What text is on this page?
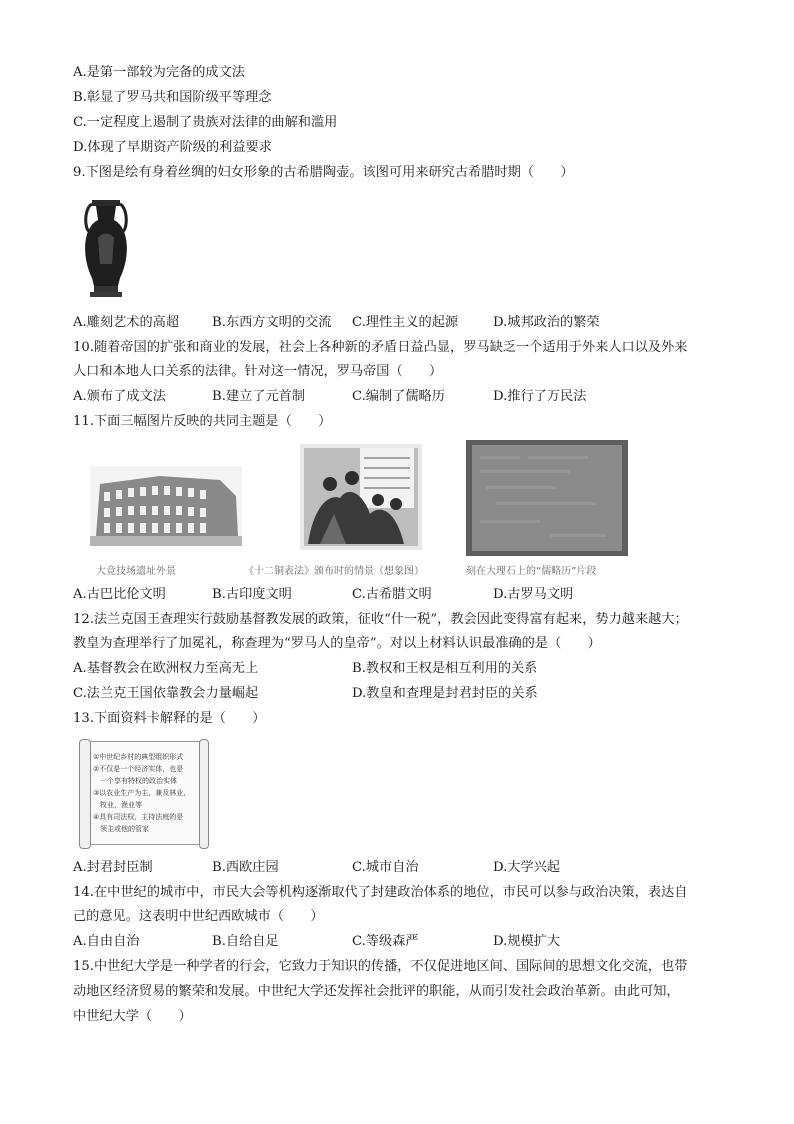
A.是第一部较为完备的成文法
B.彰显了罗马共和国阶级平等理念
C.一定程度上遏制了贵族对法律的曲解和滥用
D.体现了早期资产阶级的利益要求
9.下图是绘有身着丝绸的妇女形象的古希腊陶壶。该图可用来研究古希腊时期（　　）
A.雕刻艺术的高超 B.东西方文明的交流 C.理性主义的起源	D.城邦政治的繁荣
10.随着帝国的扩张和商业的发展，社会上各种新的矛盾日益凸显，罗马缺乏一个适用于外来人口以及外来
人口和本地人口关系的法律。针对这一情况，罗马帝国（　　）
A.颁布了成文法	B.建立了元首制	C.编制了儒略历	D.推行了万民法
11.下面三幅图片反映的共同主题是（　　）
大竞技场遗址外景	《十二铜表法》颁布时的情景（想象图）	刻在大理石上的“儒略历”片段
A.古巴比伦文明	B.古印度文明	C.古希腊文明	D.古罗马文明
12.法兰克国王查理实行鼓励基督教发展的政策，征收“什一税”，教会因此变得富有起来，势力越来越大；
教皇为查理举行了加冕礼，称查理为“罗马人的皇帝”。对以上材料认识最准确的是（　　）
A.基督教会在欧洲权力至高无上	B.教权和王权是相互利用的关系
C.法兰克王国依靠教会力量崛起	D.教皇和查理是封君封臣的关系
13.下面资料卡解释的是（　　）
①中世纪乡村的典型组织形式
②不仅是一个经济实体，也是
　一个享有特权的政治实体
③以农业生产为主，兼及林业，
　牧业，渔业等
④具有司法权，主持法庭的是
　领主或他的管家
A.封君封臣制	B.西欧庄园	C.城市自治	D.大学兴起
14.在中世纪的城市中，市民大会等机构逐渐取代了封建政治体系的地位，市民可以参与政治决策，表达自
己的意见。这表明中世纪西欧城市（　　）
A.自由自治	B.自给自足	C.等级森严	D.规模扩大
15.中世纪大学是一种学者的行会，它致力于知识的传播，不仅促进地区间、国际间的思想文化交流，也带
动地区经济贸易的繁荣和发展。中世纪大学还发挥社会批评的职能，从而引发社会政治革新。由此可知，
中世纪大学（　　）
